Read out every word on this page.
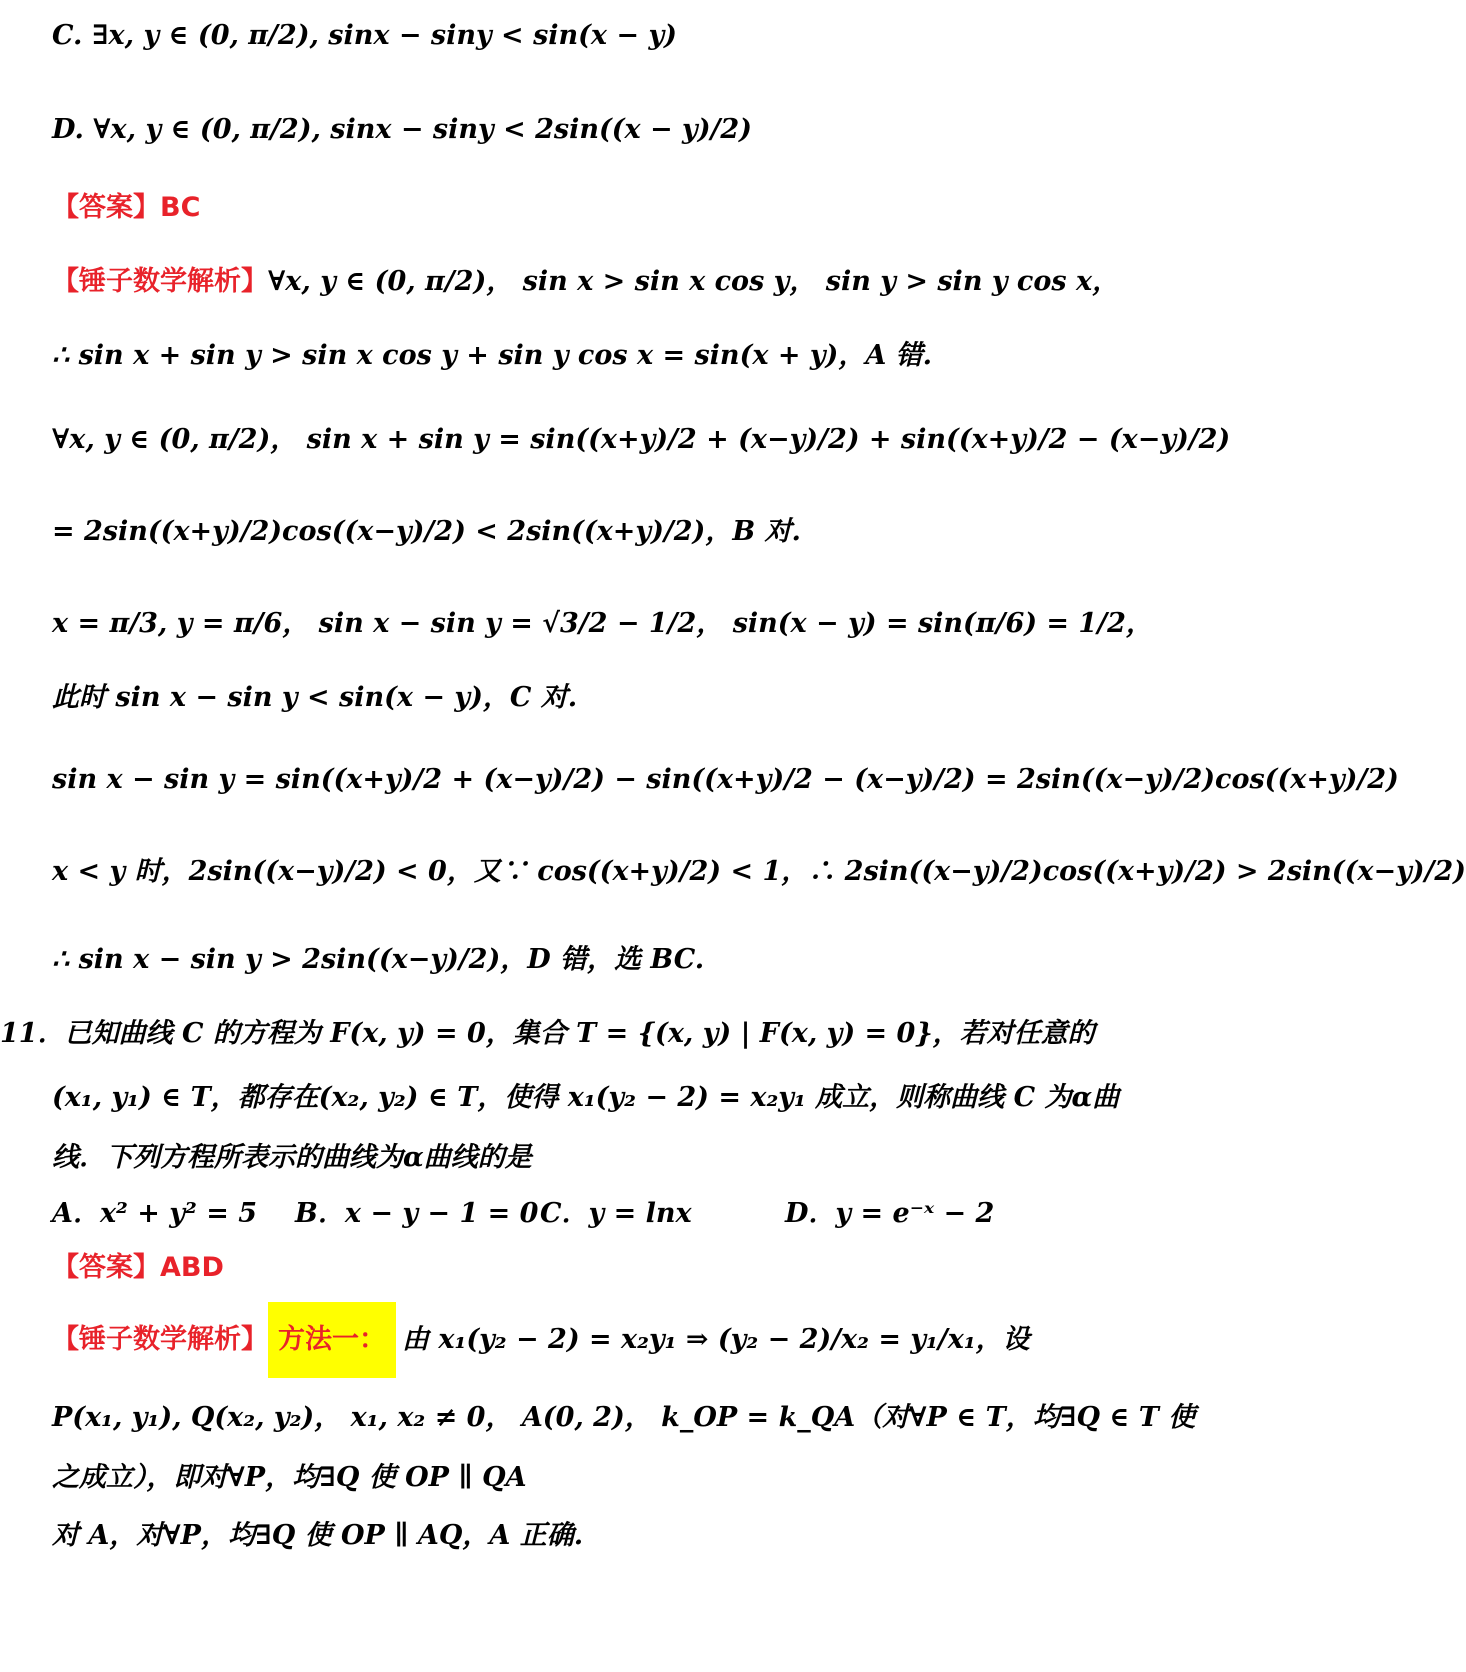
C. ∃x, y ∈ (0, π/2), sinx − siny < sin(x − y)
D. ∀x, y ∈ (0, π/2), sinx − siny < 2sin((x − y)/2)
【答案】BC
【锤子数学解析】∀x, y ∈ (0, π/2)， sin x > sin x cos y， sin y > sin y cos x，
∴ sin x + sin y > sin x cos y + sin y cos x = sin(x + y)，A 错.
∀x, y ∈ (0, π/2)， sin x + sin y = sin((x+y)/2 + (x−y)/2) + sin((x+y)/2 − (x−y)/2)
= 2sin((x+y)/2)cos((x−y)/2) < 2sin((x+y)/2)，B 对.
x = π/3, y = π/6， sin x − sin y = √3/2 − 1/2， sin(x − y) = sin(π/6) = 1/2，
此时 sin x − sin y < sin(x − y)，C 对.
sin x − sin y = sin((x+y)/2 + (x−y)/2) − sin((x+y)/2 − (x−y)/2) = 2sin((x−y)/2)cos((x+y)/2)
x < y 时，2sin((x−y)/2) < 0，又∵ cos((x+y)/2) < 1，∴ 2sin((x−y)/2)cos((x+y)/2) > 2sin((x−y)/2)
∴ sin x − sin y > 2sin((x−y)/2)，D 错，选 BC.
11．已知曲线 C 的方程为 F(x, y) = 0，集合 T = {(x, y) | F(x, y) = 0}，若对任意的
(x₁, y₁) ∈ T，都存在(x₂, y₂) ∈ T，使得 x₁(y₂ − 2) = x₂y₁ 成立，则称曲线 C 为α曲
线．下列方程所表示的曲线为α曲线的是
A．x² + y² = 5 B．x − y − 1 = 0 C．y = lnx	D．y = e⁻ˣ − 2
【答案】ABD
【锤子数学解析】 方法一： 由 x₁(y₂ − 2) = x₂y₁ ⇒ (y₂ − 2)/x₂ = y₁/x₁，设
P(x₁, y₁), Q(x₂, y₂)， x₁, x₂ ≠ 0， A(0, 2)， k_OP = k_QA（对∀P ∈ T，均∃Q ∈ T 使
之成立），即对∀P，均∃Q 使 OP ∥ QA
对 A，对∀P，均∃Q 使 OP ∥ AQ，A 正确.
